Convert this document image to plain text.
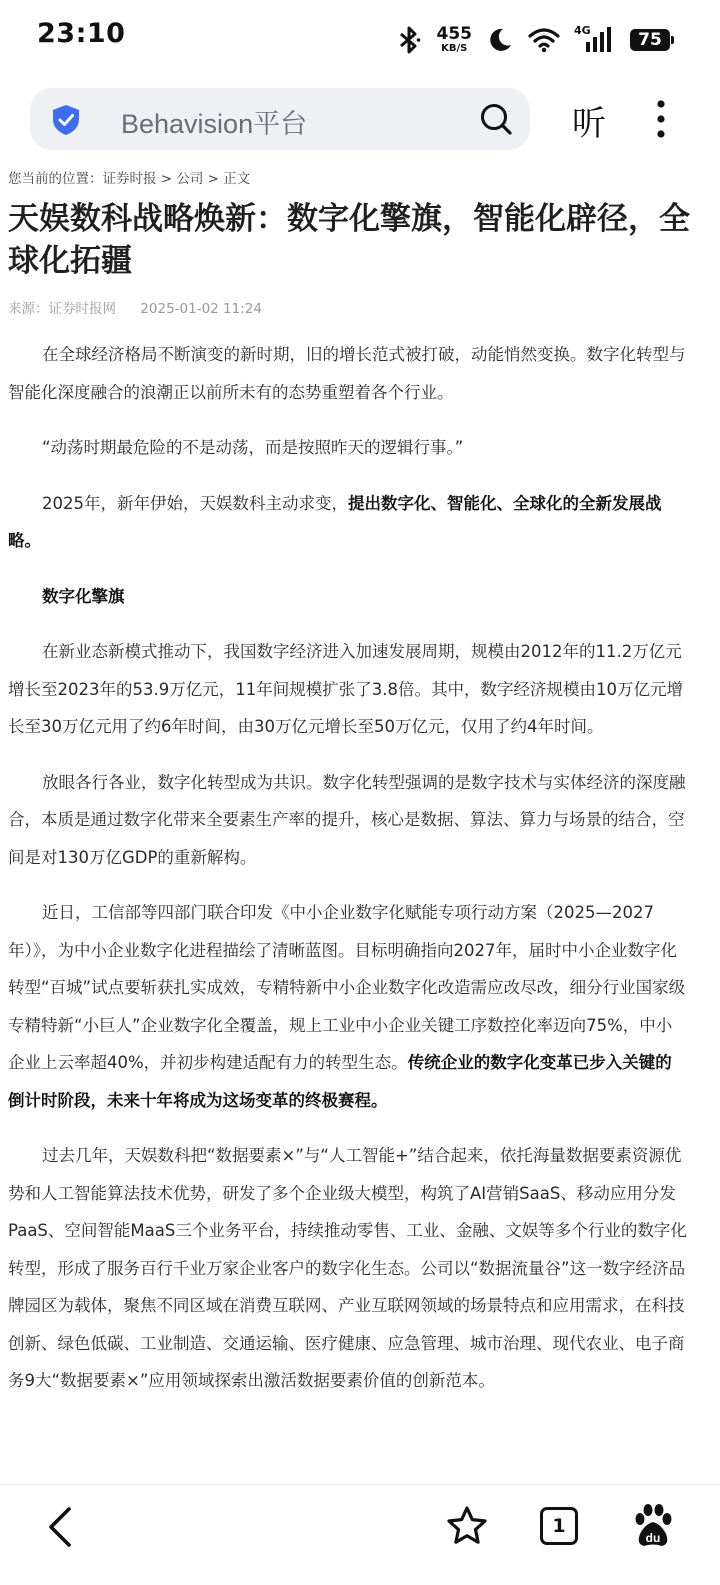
23:10	455
KB/S
4G	75
Behavision平台	听
您当前的位置：证券时报 > 公司 > 正文
天娱数科战略焕新：数字化擎旗，智能化辟径，全球化拓疆
来源：证券时报网 2025-01-02 11:24

在全球经济格局不断演变的新时期，旧的增长范式被打破，动能悄然变换。数字化转型与智能化深度融合的浪潮正以前所未有的态势重塑着各个行业。

“动荡时期最危险的不是动荡，而是按照昨天的逻辑行事。”

2025年，新年伊始，天娱数科主动求变，提出数字化、智能化、全球化的全新发展战略。

数字化擎旗

在新业态新模式推动下，我国数字经济进入加速发展周期，规模由2012年的11.2万亿元增长至2023年的53.9万亿元，11年间规模扩张了3.8倍。其中，数字经济规模由10万亿元增长至30万亿元用了约6年时间，由30万亿元增长至50万亿元，仅用了约4年时间。

放眼各行各业，数字化转型成为共识。数字化转型强调的是数字技术与实体经济的深度融合，本质是通过数字化带来全要素生产率的提升，核心是数据、算法、算力与场景的结合，空间是对130万亿GDP的重新解构。

近日，工信部等四部门联合印发《中小企业数字化赋能专项行动方案（2025—2027年）》，为中小企业数字化进程描绘了清晰蓝图。目标明确指向2027年，届时中小企业数字化转型“百城”试点要斩获扎实成效，专精特新中小企业数字化改造需应改尽改，细分行业国家级专精特新“小巨人”企业数字化全覆盖，规上工业中小企业关键工序数控化率迈向75%，中小企业上云率超40%，并初步构建适配有力的转型生态。传统企业的数字化变革已步入关键的倒计时阶段，未来十年将成为这场变革的终极赛程。

过去几年，天娱数科把“数据要素×”与“人工智能+”结合起来，依托海量数据要素资源优势和人工智能算法技术优势，研发了多个企业级大模型，构筑了AI营销SaaS、移动应用分发PaaS、空间智能MaaS三个业务平台，持续推动零售、工业、金融、文娱等多个行业的数字化转型，形成了服务百行千业万家企业客户的数字化生态。公司以“数据流量谷”这一数字经济品牌园区为载体，聚焦不同区域在消费互联网、产业互联网领域的场景特点和应用需求，在科技创新、绿色低碳、工业制造、交通运输、医疗健康、应急管理、城市治理、现代农业、电子商务9大“数据要素×”应用领域探索出激活数据要素价值的创新范本。

1
du
